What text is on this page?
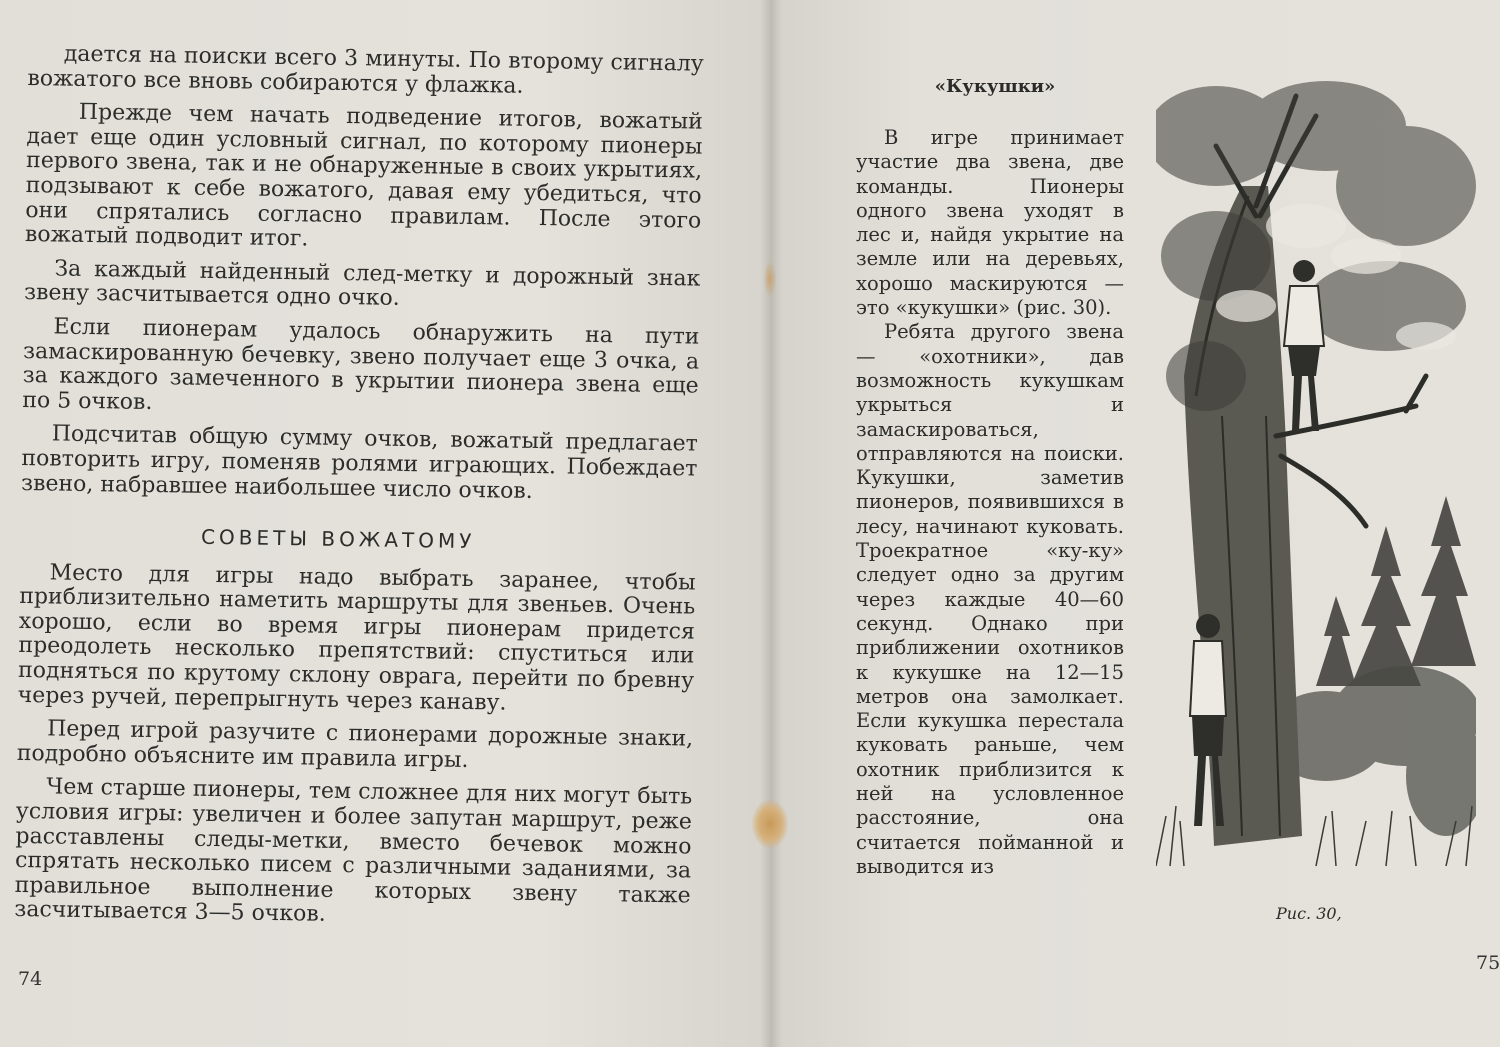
дается на поиски всего 3 минуты. По второму сигналу вожатого все вновь собираются у флажка.

Прежде чем начать подведение итогов, вожатый дает еще один условный сигнал, по которому пионеры первого звена, так и не обнаруженные в своих укрытиях, подзывают к себе вожатого, давая ему убедиться, что они спрятались согласно правилам. После этого вожатый подводит итог.

За каждый найденный след-метку и дорожный знак звену засчитывается одно очко.

Если пионерам удалось обнаружить на пути замаскированную бечевку, звено получает еще 3 очка, а за каждого замеченного в укрытии пионера звена еще по 5 очков.

Подсчитав общую сумму очков, вожатый предлагает повторить игру, поменяв ролями играющих. Побеждает звено, набравшее наибольшее число очков.

СОВЕТЫ ВОЖАТОМУ

Место для игры надо выбрать заранее, чтобы приблизительно наметить маршруты для звеньев. Очень хорошо, если во время игры пионерам придется преодолеть несколько препятствий: спуститься или подняться по крутому склону оврага, перейти по бревну через ручей, перепрыгнуть через канаву.

Перед игрой разучите с пионерами дорожные знаки, подробно объясните им правила игры.

Чем старше пионеры, тем сложнее для них могут быть условия игры: увеличен и более запутан маршрут, реже расставлены следы-метки, вместо бечевок можно спрятать несколько писем с различными заданиями, за правильное выполнение которых звену также засчитывается 3—5 очков.

74
«Кукушки»

В игре принимает участие два звена, две команды. Пионеры одного звена уходят в лес и, найдя укрытие на земле или на деревьях, хорошо маскируются — это «кукушки» (рис. 30).

Ребята другого звена — «охотники», дав возможность кукушкам укрыться и замаскироваться, отправляются на поиски. Кукушки, заметив пионеров, появившихся в лесу, начинают куковать. Троекратное «ку-ку» следует одно за другим через каждые 40—60 секунд. Однако при приближении охотников к кукушке на 12—15 метров она замолкает. Если кукушка перестала куковать раньше, чем охотник приблизится к ней на условленное расстояние, она считается пойманной и выводится из

Рис. 30,
75
